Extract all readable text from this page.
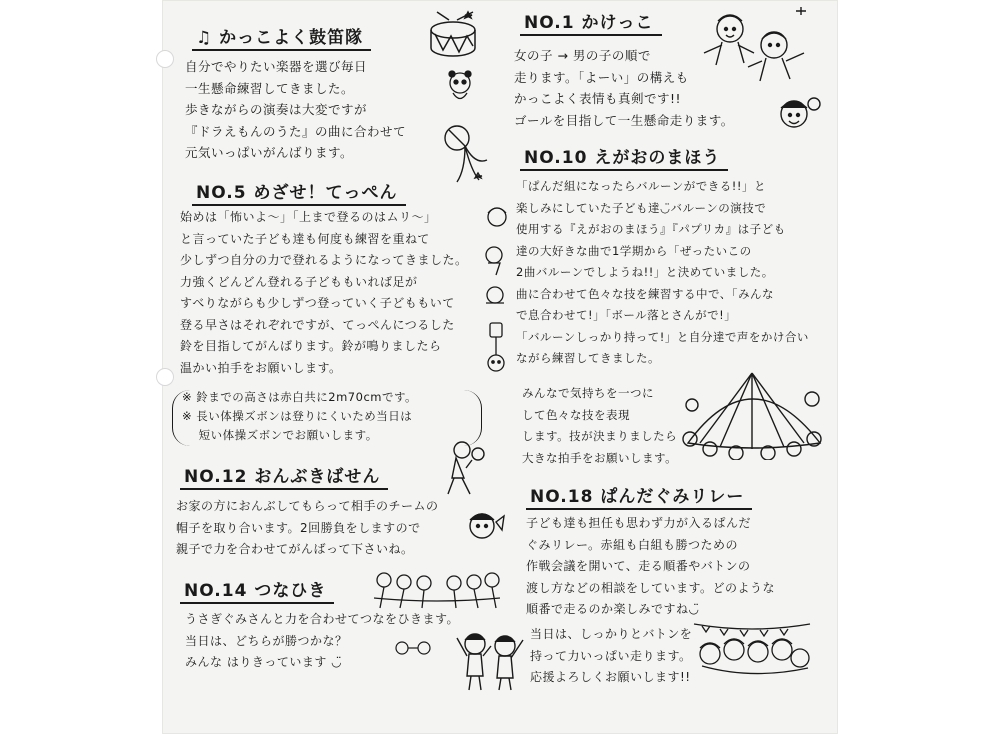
♫ かっこよく鼓笛隊
自分でやりたい楽器を選び毎日
一生懸命練習してきました。
歩きながらの演奏は大変ですが
『ドラえもんのうた』の曲に合わせて
元気いっぱいがんばります。
NO.5 めざせ！てっぺん
始めは「怖いよ～」「上まで登るのはムリ～」
と言っていた子ども達も何度も練習を重ねて
少しずつ自分の力で登れるようになってきました。
力強くどんどん登れる子どももいれば足が
すべりながらも少しずつ登っていく子どももいて
登る早さはそれぞれですが、てっぺんにつるした
鈴を目指してがんばります。鈴が鳴りましたら
温かい拍手をお願いします。
※ 鈴までの高さは赤白共に2m70cmです。
※ 長い体操ズボンは登りにくいため当日は
短い体操ズボンでお願いします。
NO.12 おんぶきばせん
お家の方におんぶしてもらって相手のチームの
帽子を取り合います。2回勝負をしますので
親子で力を合わせてがんばって下さいね。
NO.14 つなひき
うさぎぐみさんと力を合わせてつなをひきます。
当日は、どちらが勝つかな？
みんな はりきっています ◡̈
NO.1 かけっこ
女の子 → 男の子の順で
走ります。「よーい」の構えも
かっこよく表情も真剣です!!
ゴールを目指して一生懸命走ります。
NO.10 えがおのまほう
「ぱんだ組になったらバルーンができる!!」と
楽しみにしていた子ども達◡̈バルーンの演技で
使用する『えがおのまほう』『パプリカ』は子ども
達の大好きな曲で1学期から「ぜったいこの
2曲バルーンでしようね!!」と決めていました。
曲に合わせて色々な技を練習する中で、「みんな
で息合わせて!」「ボール落とさんがで!」
「バルーンしっかり持って!」と自分達で声をかけ合い
ながら練習してきました。
みんなで気持ちを一つに
して色々な技を表現
します。技が決まりましたら
大きな拍手をお願いします。
NO.18 ぱんだぐみリレー
子ども達も担任も思わず力が入るぱんだ
ぐみリレー。赤組も白組も勝つための
作戦会議を開いて、走る順番やバトンの
渡し方などの相談をしています。どのような
順番で走るのか楽しみですね◡̈
当日は、しっかりとバトンを
持って力いっぱい走ります。
応援よろしくお願いします!!
